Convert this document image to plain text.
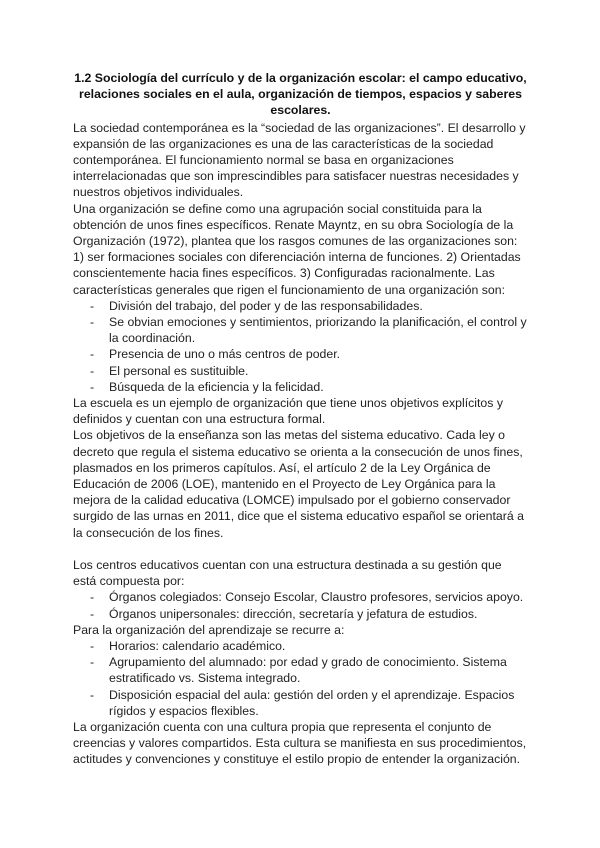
1.2 Sociología del currículo y de la organización escolar: el campo educativo, relaciones sociales en el aula, organización de tiempos, espacios y saberes escolares.

La sociedad contemporánea es la “sociedad de las organizaciones”. El desarrollo y expansión de las organizaciones es una de las características de la sociedad contemporánea. El funcionamiento normal se basa en organizaciones interrelacionadas que son imprescindibles para satisfacer nuestras necesidades y nuestros objetivos individuales.

Una organización se define como una agrupación social constituida para la obtención de unos fines específicos. Renate Mayntz, en su obra Sociología de la Organización (1972), plantea que los rasgos comunes de las organizaciones son: 1) ser formaciones sociales con diferenciación interna de funciones. 2) Orientadas conscientemente hacia fines específicos. 3) Configuradas racionalmente. Las características generales que rigen el funcionamiento de una organización son:

- División del trabajo, del poder y de las responsabilidades.
- Se obvian emociones y sentimientos, priorizando la planificación, el control y la coordinación.
- Presencia de uno o más centros de poder.
- El personal es sustituible.
- Búsqueda de la eficiencia y la felicidad.

La escuela es un ejemplo de organización que tiene unos objetivos explícitos y definidos y cuentan con una estructura formal.

Los objetivos de la enseñanza son las metas del sistema educativo. Cada ley o decreto que regula el sistema educativo se orienta a la consecución de unos fines, plasmados en los primeros capítulos. Así, el artículo 2 de la Ley Orgánica de Educación de 2006 (LOE), mantenido en el Proyecto de Ley Orgánica para la mejora de la calidad educativa (LOMCE) impulsado por el gobierno conservador surgido de las urnas en 2011, dice que el sistema educativo español se orientará a la consecución de los fines.

Los centros educativos cuentan con una estructura destinada a su gestión que está compuesta por:

- Órganos colegiados: Consejo Escolar, Claustro profesores, servicios apoyo.
- Órganos unipersonales: dirección, secretaría y jefatura de estudios.

Para la organización del aprendizaje se recurre a:

- Horarios: calendario académico.
- Agrupamiento del alumnado: por edad y grado de conocimiento. Sistema estratificado vs. Sistema integrado.
- Disposición espacial del aula: gestión del orden y el aprendizaje. Espacios rígidos y espacios flexibles.

La organización cuenta con una cultura propia que representa el conjunto de creencias y valores compartidos. Esta cultura se manifiesta en sus procedimientos, actitudes y convenciones y constituye el estilo propio de entender la organización.
